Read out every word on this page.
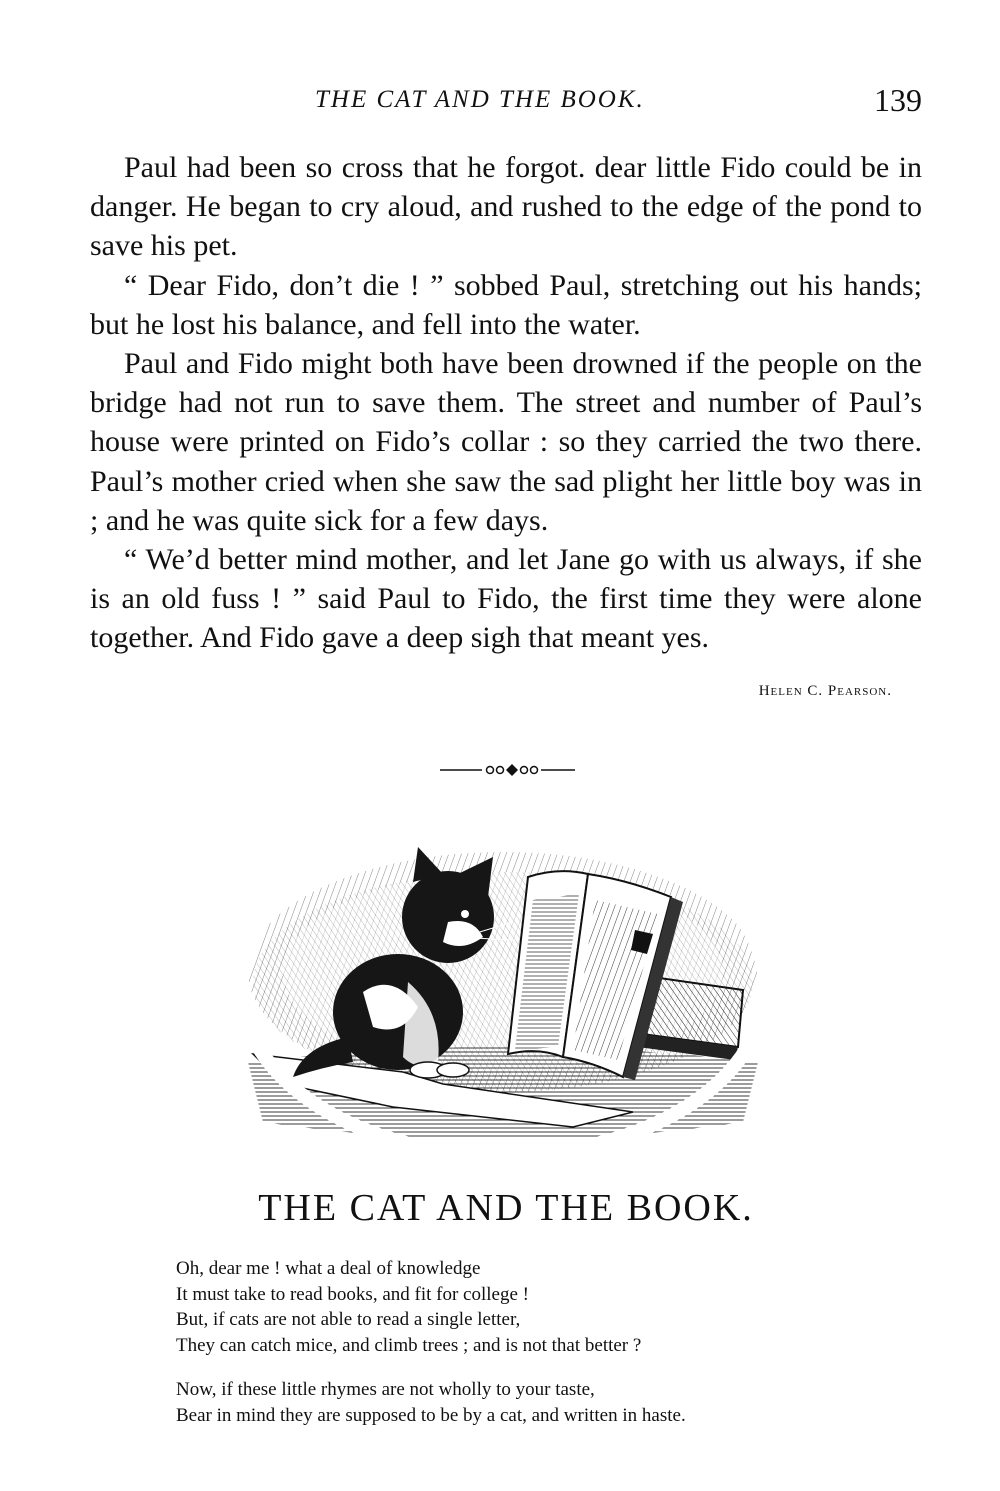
THE CAT AND THE BOOK.	139

Paul had been so cross that he forgot. dear little Fido could be in danger. He began to cry aloud, and rushed to the edge of the pond to save his pet.

“ Dear Fido, don’t die ! ” sobbed Paul, stretching out his hands; but he lost his balance, and fell into the water.

Paul and Fido might both have been drowned if the people on the bridge had not run to save them. The street and number of Paul’s house were printed on Fido’s collar : so they carried the two there. Paul’s mother cried when she saw the sad plight her little boy was in ; and he was quite sick for a few days.

“ We’d better mind mother, and let Jane go with us always, if she is an old fuss ! ” said Paul to Fido, the first time they were alone together. And Fido gave a deep sigh that meant yes.

Helen C. Pearson.
THE CAT AND THE BOOK.
Oh, dear me ! what a deal of knowledge
It must take to read books, and fit for college !
But, if cats are not able to read a single letter,
They can catch mice, and climb trees ; and is not that better ?
Now, if these little rhymes are not wholly to your taste,
Bear in mind they are supposed to be by a cat, and written in haste.
